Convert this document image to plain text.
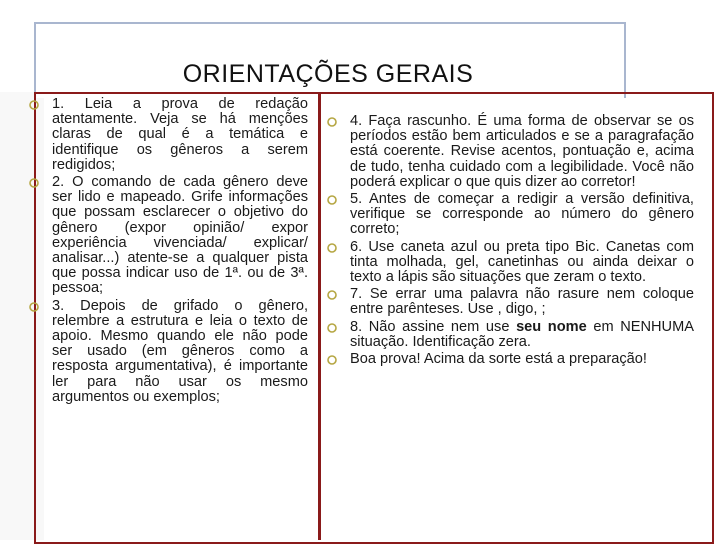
ORIENTAÇÕES GERAIS
1. Leia a prova de redação atentamente. Veja se há menções claras de qual é a temática e identifique os gêneros a serem redigidos;
2. O comando de cada gênero deve ser lido e mapeado. Grife informações que possam esclarecer o objetivo do gênero (expor opinião/ expor experiência vivenciada/ explicar/ analisar...) atente-se a qualquer pista que possa indicar uso de 1ª. ou de 3ª. pessoa;
3. Depois de grifado o gênero, relembre a estrutura e leia o texto de apoio. Mesmo quando ele não pode ser usado (em gêneros como a resposta argumentativa), é importante ler para não usar os mesmo argumentos ou exemplos;
4. Faça rascunho. É uma forma de observar se os períodos estão bem articulados e se a paragrafação está coerente. Revise acentos, pontuação e, acima de tudo, tenha cuidado com a legibilidade. Você não poderá explicar o que quis dizer ao corretor!
5. Antes de começar a redigir a versão definitiva, verifique se corresponde ao número do gênero correto;
6. Use caneta azul ou preta tipo Bic. Canetas com tinta molhada, gel, canetinhas ou ainda deixar o texto a lápis são situações que zeram o texto.
7. Se errar uma palavra não rasure nem coloque entre parênteses. Use , digo, ;
8. Não assine nem use seu nome em NENHUMA situação. Identificação zera.
Boa prova! Acima da sorte está a preparação!
